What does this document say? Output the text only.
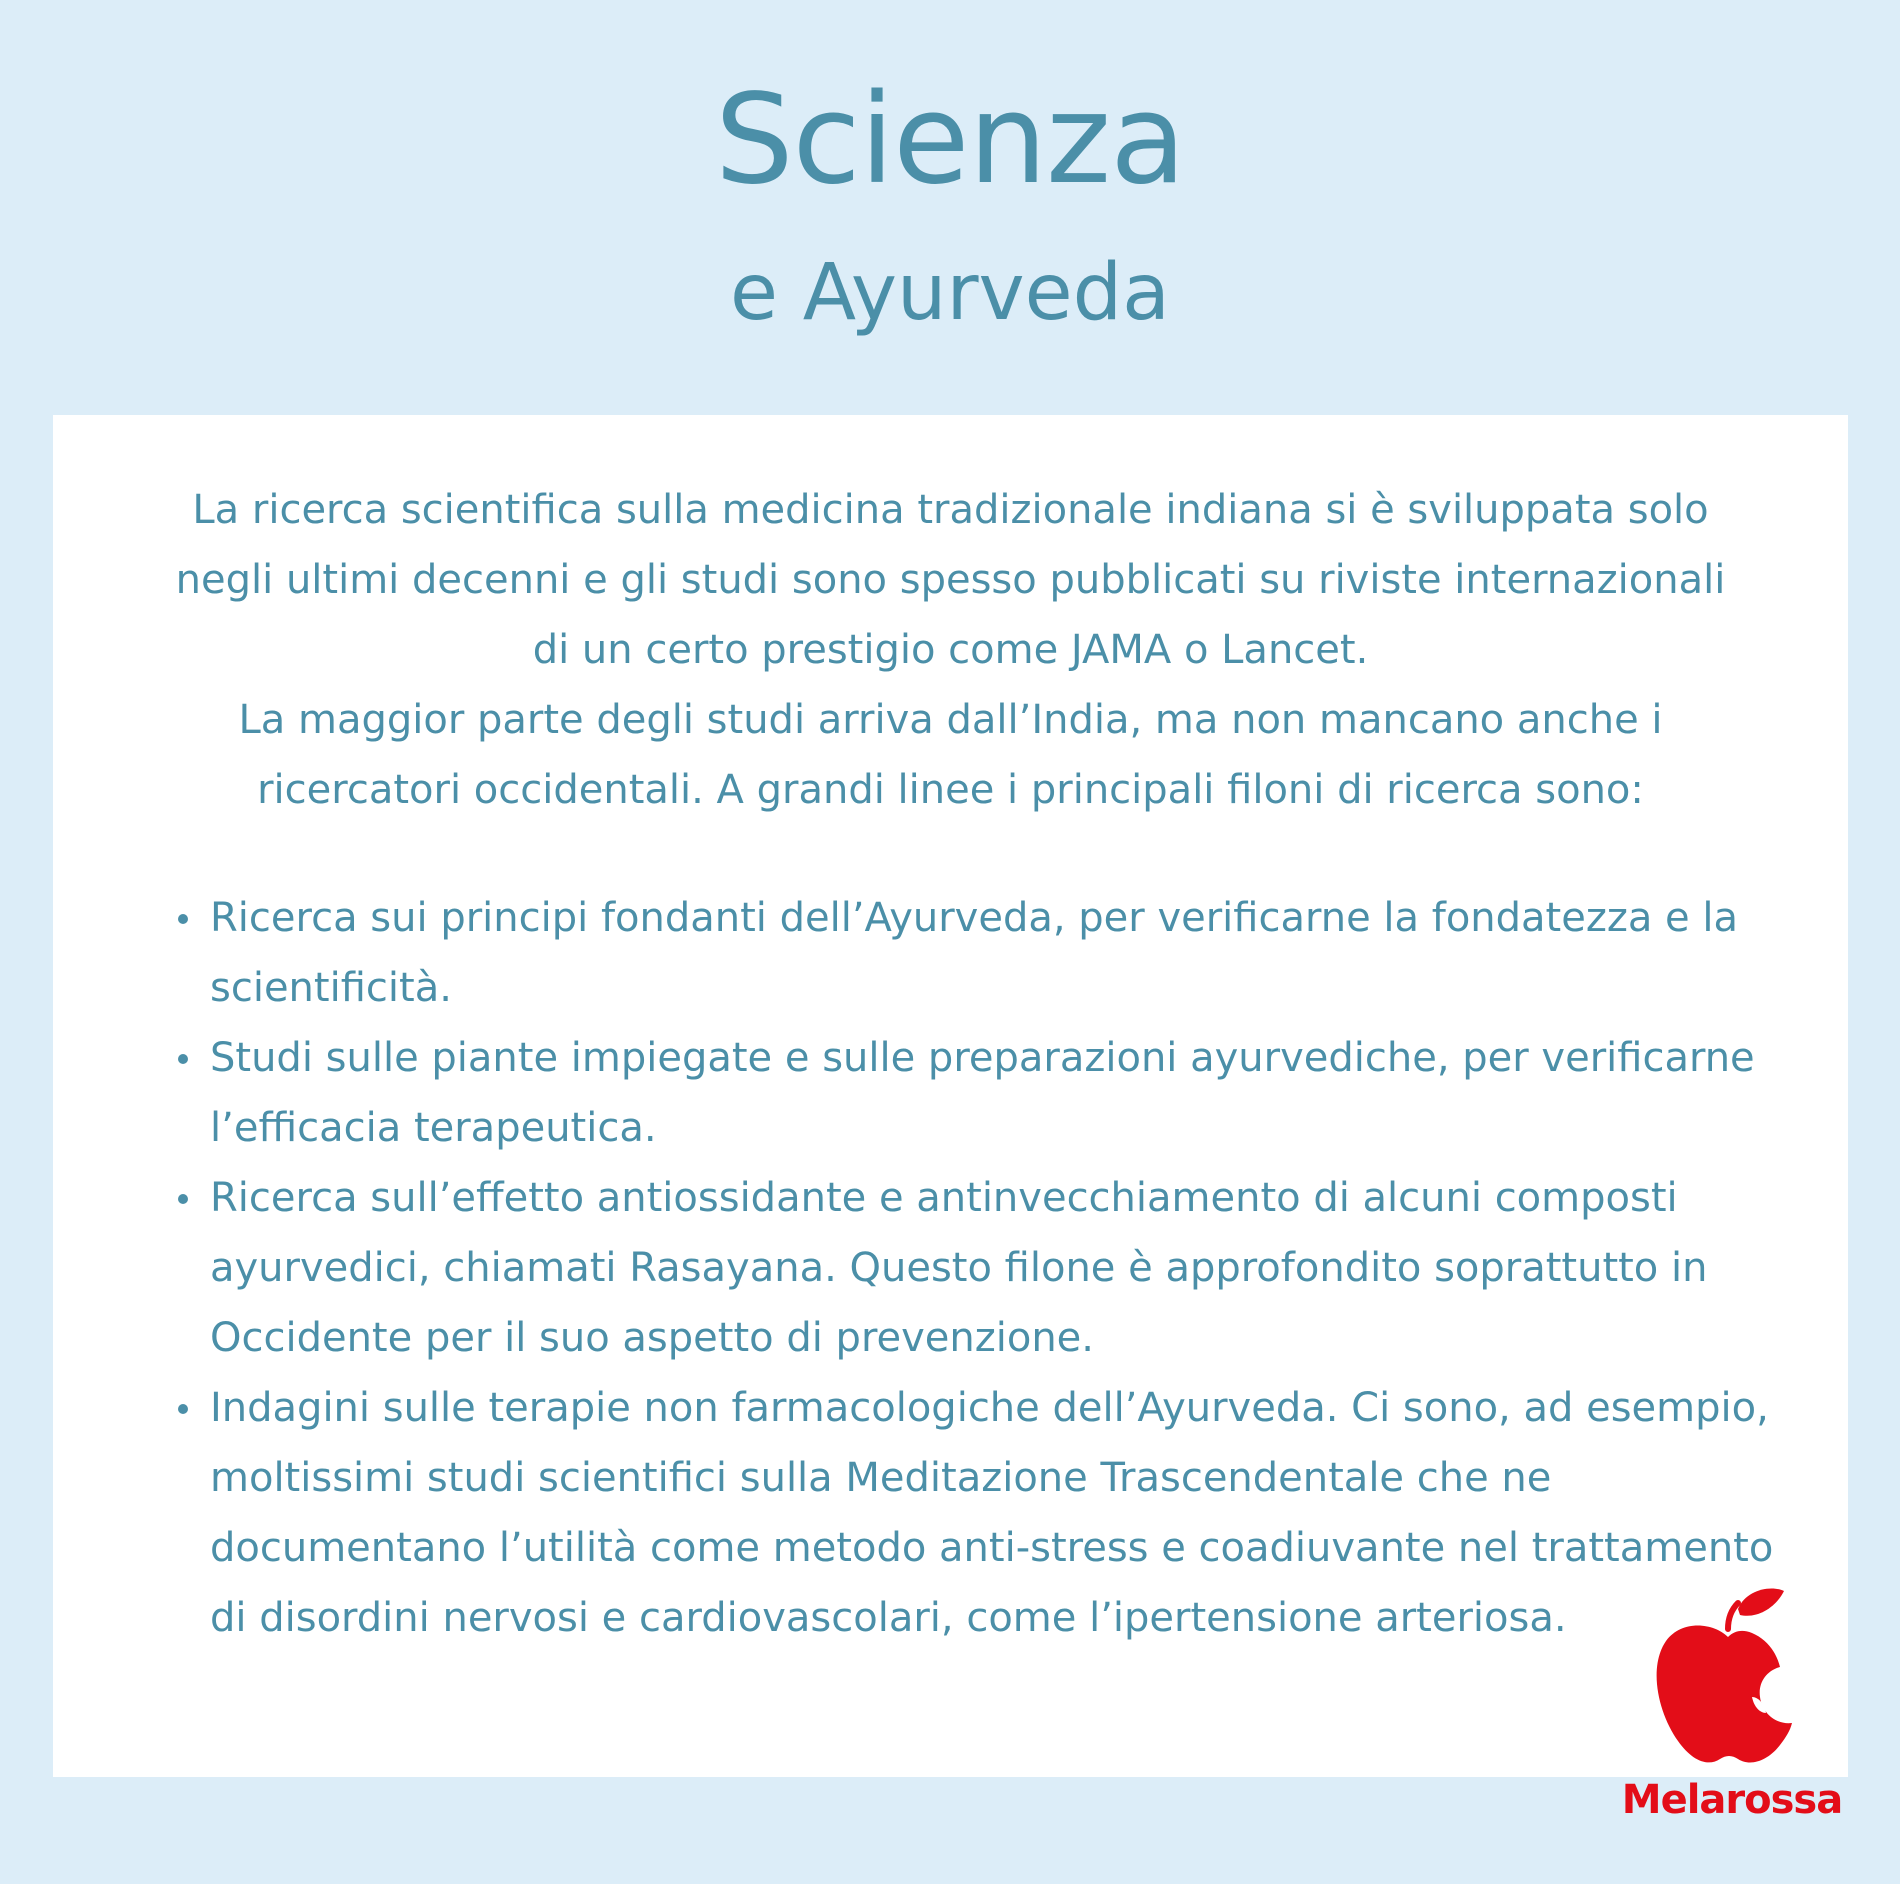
Scienza
e Ayurveda

La ricerca scientifica sulla medicina tradizionale indiana si è sviluppata solo negli ultimi decenni e gli studi sono spesso pubblicati su riviste internazionali di un certo prestigio come JAMA o Lancet.

La maggior parte degli studi arriva dall’India, ma non mancano anche i ricercatori occidentali. A grandi linee i principali filoni di ricerca sono:

Ricerca sui principi fondanti dell’Ayurveda, per verificarne la fondatezza e la scientificità.
Studi sulle piante impiegate e sulle preparazioni ayurvediche, per verificarne l’efficacia terapeutica.
Ricerca sull’effetto antiossidante e antinvecchiamento di alcuni composti ayurvedici, chiamati Rasayana. Questo filone è approfondito soprattutto in Occidente per il suo aspetto di prevenzione.
Indagini sulle terapie non farmacologiche dell’Ayurveda. Ci sono, ad esempio, moltissimi studi scientifici sulla Meditazione Trascendentale che ne documentano l’utilità come metodo anti-stress e coadiuvante nel trattamento di disordini nervosi e cardiovascolari, come l’ipertensione arteriosa.
Melarossa
